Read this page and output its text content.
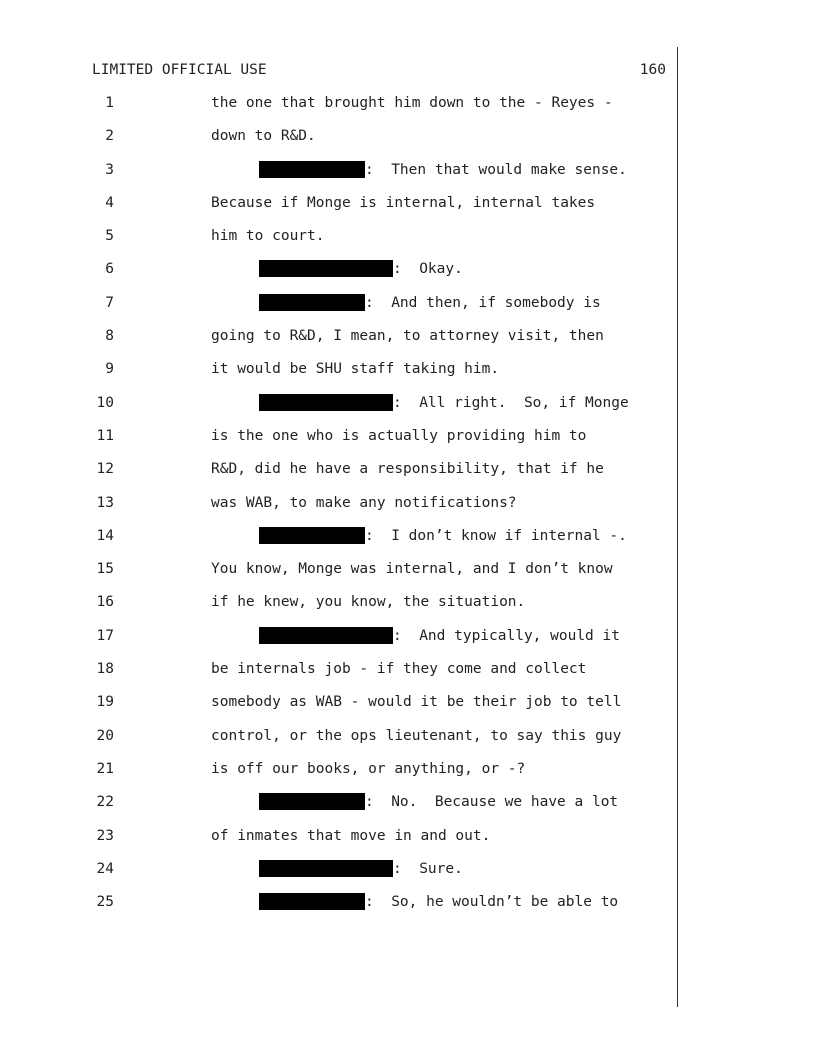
LIMITED OFFICIAL USE	160
1	the one that brought him down to the - Reyes -
2	down to R&D.
3	:  Then that would make sense.
4	Because if Monge is internal, internal takes
5	him to court.
6	:  Okay.
7	:  And then, if somebody is
8	going to R&D, I mean, to attorney visit, then
9	it would be SHU staff taking him.
10	:  All right.  So, if Monge
11	is the one who is actually providing him to
12	R&D, did he have a responsibility, that if he
13	was WAB, to make any notifications?
14	:  I don’t know if internal -.
15	You know, Monge was internal, and I don’t know
16	if he knew, you know, the situation.
17	:  And typically, would it
18	be internals job - if they come and collect
19	somebody as WAB - would it be their job to tell
20	control, or the ops lieutenant, to say this guy
21	is off our books, or anything, or -?
22	:  No.  Because we have a lot
23	of inmates that move in and out.
24	:  Sure.
25	:  So, he wouldn’t be able to
